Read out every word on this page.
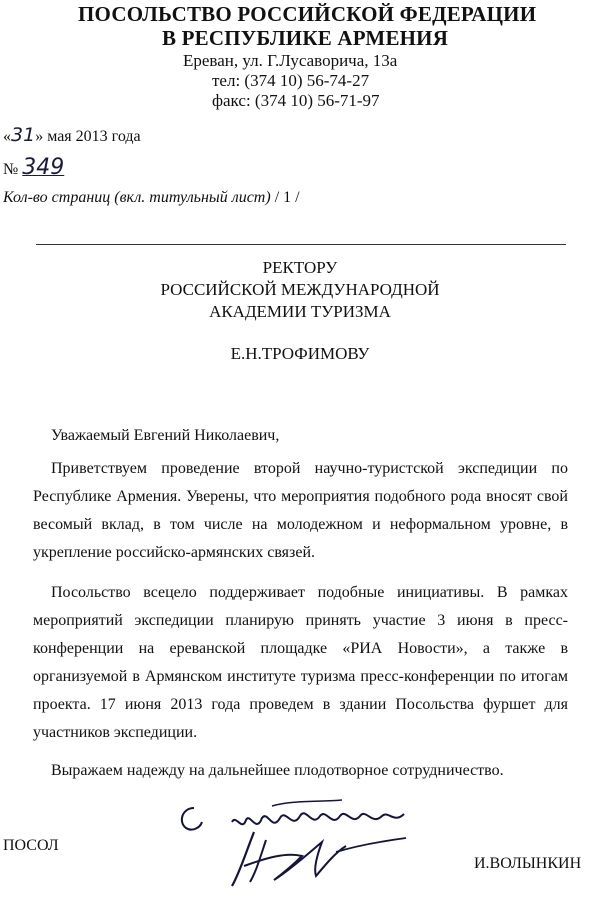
ПОСОЛЬСТВО РОССИЙСКОЙ ФЕДЕРАЦИИ
В РЕСПУБЛИКЕ АРМЕНИЯ
Ереван, ул. Г.Лусаворича, 13а
тел: (374 10) 56-74-27
факс: (374 10) 56-71-97
«31» мая 2013 года
№ 349
Кол-во страниц (вкл. титульный лист) / 1 /
РЕКТОРУ
РОССИЙСКОЙ МЕЖДУНАРОДНОЙ
АКАДЕМИИ ТУРИЗМА
Е.Н.ТРОФИМОВУ
Уважаемый Евгений Николаевич,

Приветствуем проведение второй научно-туристской экспедиции по Республике Армения. Уверены, что мероприятия подобного рода вносят свой весомый вклад, в том числе на молодежном и неформальном уровне, в укрепление российско-армянских связей.

Посольство всецело поддерживает подобные инициативы. В рамках мероприятий экспедиции планирую принять участие 3 июня в пресс-конференции на ереванской площадке «РИА Новости», а также в организуемой в Армянском институте туризма пресс-конференции по итогам проекта. 17 июня 2013 года проведем в здании Посольства фуршет для участников экспедиции.

Выражаем надежду на дальнейшее плодотворное сотрудничество.

ПОСОЛ
И.ВОЛЫНКИН
